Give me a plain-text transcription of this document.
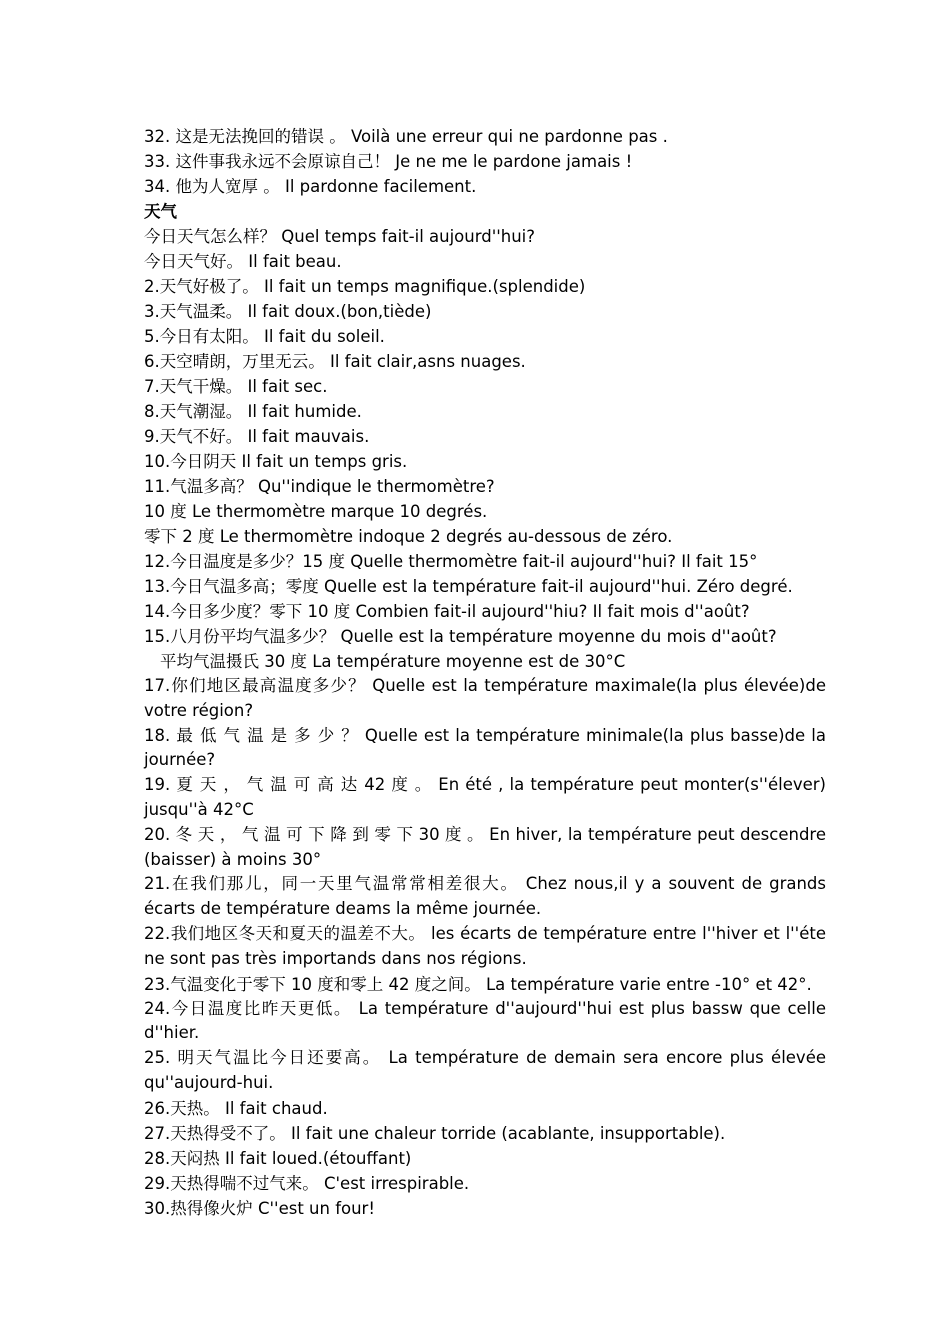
32. 这是无法挽回的错误 。 Voilà une erreur qui ne pardonne pas .
33. 这件事我永远不会原谅自己！ Je ne me le pardone jamais !
34. 他为人宽厚 。 Il pardonne facilement.
天气
今日天气怎么样？ Quel temps fait-il aujourd''hui?
今日天气好。 Il fait beau.
2.天气好极了。 Il fait un temps magnifique.(splendide)
3.天气温柔。 Il fait doux.(bon,tiède)
5.今日有太阳。 Il fait du soleil.
6.天空晴朗，万里无云。 Il fait clair,asns nuages.
7.天气干燥。 Il fait sec.
8.天气潮湿。 Il fait humide.
9.天气不好。 Il fait mauvais.
10.今日阴天 Il fait un temps gris.
11.气温多高？ Qu''indique le thermomètre?
10 度 Le thermomètre marque 10 degrés.
零下 2 度 Le thermomètre indoque 2 degrés au-dessous de zéro.
12.今日温度是多少？15 度 Quelle thermomètre fait-il aujourd''hui? Il fait 15°
13.今日气温多高；零度 Quelle est la température fait-il aujourd''hui. Zéro degré.
14.今日多少度？零下 10 度 Combien fait-il aujourd''hiu? Il fait mois d''août?
15.八月份平均气温多少？ Quelle est la température moyenne du mois d''août?
平均气温摄氏 30 度 La température moyenne est de 30°C
17.你们地区最高温度多少？ Quelle est la température maximale(la plus élevée)de votre région?
18. 最 低 气 温 是 多 少 ？ Quelle est la température minimale(la plus basse)de la journée?
19. 夏 天 ， 气 温 可 高 达 42 度 。 En été , la température peut monter(s''élever) jusqu''à 42°C
20. 冬 天 ， 气 温 可 下 降 到 零 下 30 度 。 En hiver, la température peut descendre (baisser) à moins 30°
21.在我们那儿，同一天里气温常常相差很大。 Chez nous,il y a souvent de grands écarts de température deams la même journée.
22.我们地区冬天和夏天的温差不大。 les écarts de température entre l''hiver et l''éte ne sont pas très importands dans nos régions.
23.气温变化于零下 10 度和零上 42 度之间。 La température varie entre -10° et 42°.
24.今日温度比昨天更低。 La température d''aujourd''hui est plus bassw que celle d''hier.
25. 明天气温比今日还要高。 La température de demain sera encore plus élevée qu''aujourd-hui.
26.天热。 Il fait chaud.
27.天热得受不了。 Il fait une chaleur torride (acablante, insupportable).
28.天闷热 Il fait loued.(étouffant)
29.天热得喘不过气来。 C'est irrespirable.
30.热得像火炉 C''est un four!
